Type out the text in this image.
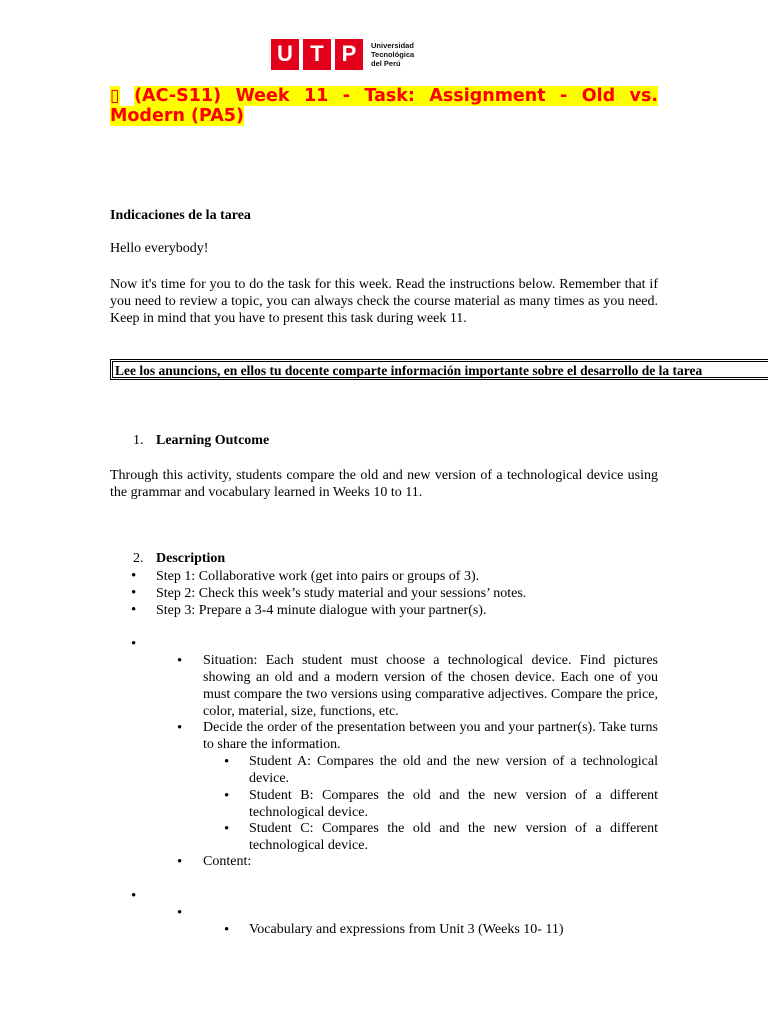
U T P	Universidad
Tecnológica
del Perú
▯ (AC-S11) Week 11 - Task: Assignment - Old vs. Modern (PA5)
Indicaciones de la tarea
Hello everybody!
Now it's time for you to do the task for this week. Read the instructions below. Remember that if you need to review a topic, you can always check the course material as many times as you need. Keep in mind that you have to present this task during week 11.
Lee los anuncions, en ellos tu docente comparte información importante sobre el desarrollo de la tarea
1. Learning Outcome
Through this activity, students compare the old and new version of a technological device using the grammar and vocabulary learned in Weeks 10 to 11.
2. Description
• Step 1: Collaborative work (get into pairs or groups of 3).
• Step 2: Check this week’s study material and your sessions’ notes.
• Step 3: Prepare a 3-4 minute dialogue with your partner(s).
•
• Situation: Each student must choose a technological device. Find pictures showing an old and a modern version of the chosen device. Each one of you must compare the two versions using comparative adjectives. Compare the price, color, material, size, functions, etc.
• Decide the order of the presentation between you and your partner(s). Take turns to share the information.
• Student A: Compares the old and the new version of a technological device.
• Student B: Compares the old and the new version of a different technological device.
• Student C: Compares the old and the new version of a different technological device.
• Content:
•
•
• Vocabulary and expressions from Unit 3 (Weeks 10- 11)
